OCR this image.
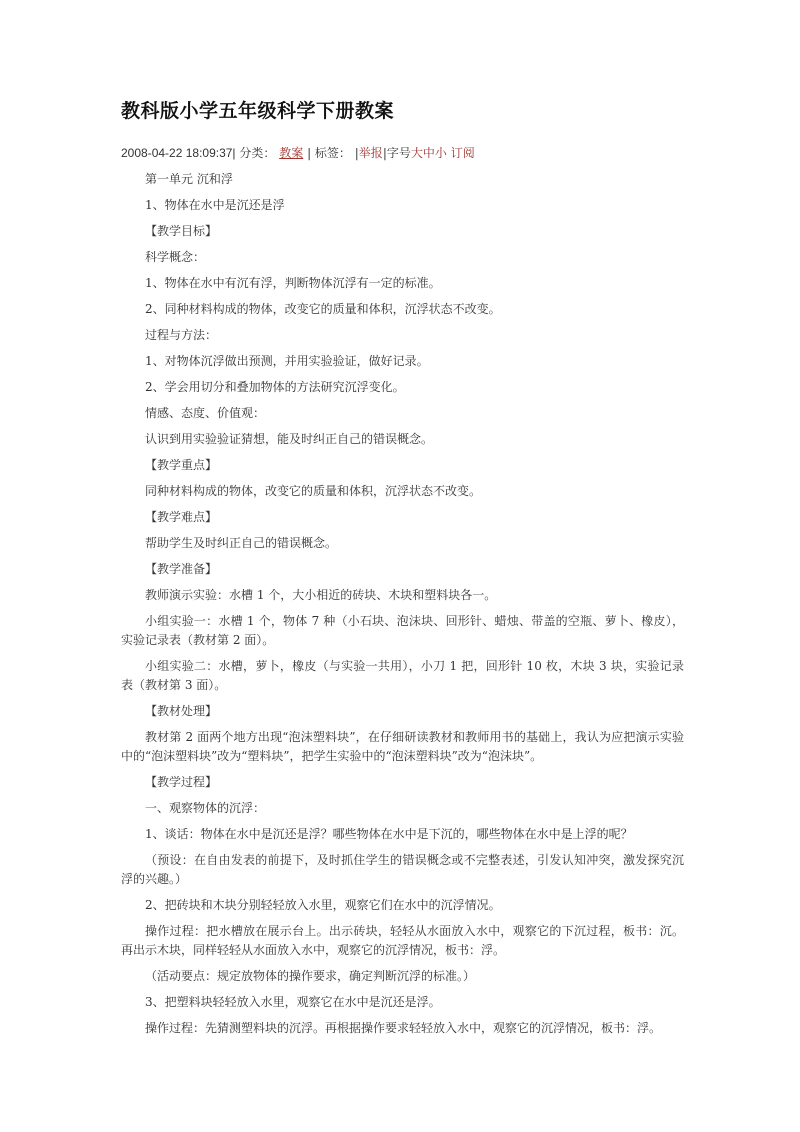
教科版小学五年级科学下册教案
2008-04-22 18:09:37| 分类： 教案 | 标签： |举报|字号大中小 订阅

第一单元 沉和浮

1、物体在水中是沉还是浮

【教学目标】

科学概念：

1、物体在水中有沉有浮，判断物体沉浮有一定的标准。

2、同种材料构成的物体，改变它的质量和体积，沉浮状态不改变。

过程与方法：

1、对物体沉浮做出预测，并用实验验证，做好记录。

2、学会用切分和叠加物体的方法研究沉浮变化。

情感、态度、价值观：

认识到用实验验证猜想，能及时纠正自己的错误概念。

【教学重点】

同种材料构成的物体，改变它的质量和体积，沉浮状态不改变。

【教学难点】

帮助学生及时纠正自己的错误概念。

【教学准备】

教师演示实验：水槽 1 个，大小相近的砖块、木块和塑料块各一。

小组实验一：水槽 1 个，物体 7 种（小石块、泡沫块、回形针、蜡烛、带盖的空瓶、萝卜、橡皮），实验记录表（教材第 2 面）。

小组实验二：水槽，萝卜，橡皮（与实验一共用），小刀 1 把，回形针 10 枚，木块 3 块，实验记录表（教材第 3 面）。

【教材处理】

教材第 2 面两个地方出现“泡沫塑料块”，在仔细研读教材和教师用书的基础上，我认为应把演示实验中的“泡沫塑料块”改为“塑料块”，把学生实验中的“泡沫塑料块”改为“泡沫块”。

【教学过程】

一、观察物体的沉浮：

1、谈话：物体在水中是沉还是浮？哪些物体在水中是下沉的，哪些物体在水中是上浮的呢？

（预设：在自由发表的前提下，及时抓住学生的错误概念或不完整表述，引发认知冲突，激发探究沉浮的兴趣。）

2、把砖块和木块分别轻轻放入水里，观察它们在水中的沉浮情况。

操作过程：把水槽放在展示台上。出示砖块，轻轻从水面放入水中，观察它的下沉过程，板书：沉。再出示木块，同样轻轻从水面放入水中，观察它的沉浮情况，板书：浮。

（活动要点：规定放物体的操作要求，确定判断沉浮的标准。）

3、把塑料块轻轻放入水里，观察它在水中是沉还是浮。

操作过程：先猜测塑料块的沉浮。再根据操作要求轻轻放入水中，观察它的沉浮情况，板书：浮。
